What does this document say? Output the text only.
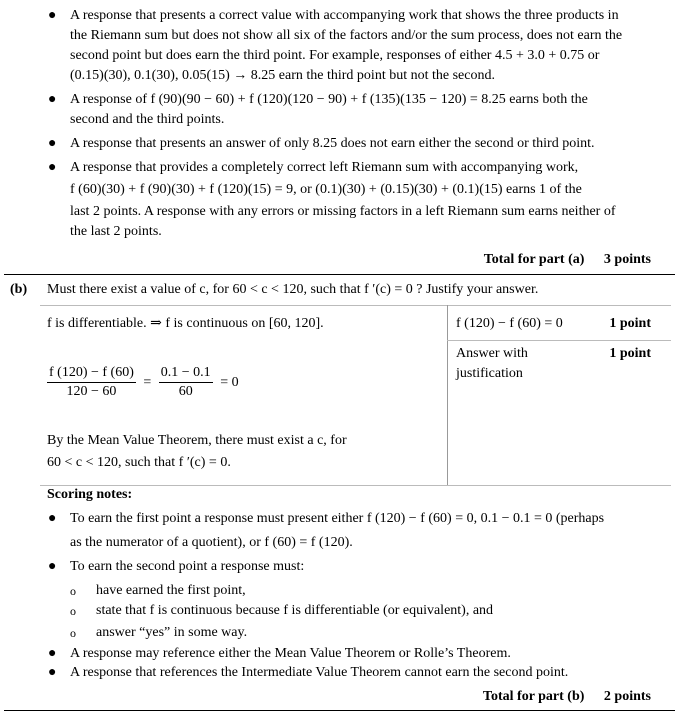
● A response that presents a correct value with accompanying work that shows the three products in
the Riemann sum but does not show all six of the factors and/or the sum process, does not earn the
second point but does earn the third point. For example, responses of either 4.5 + 3.0 + 0.75 or
(0.15)(30), 0.1(30), 0.05(15) → 8.25 earn the third point but not the second.
● A response of f (90)(90 − 60) + f (120)(120 − 90) + f (135)(135 − 120) = 8.25 earns both the
second and the third points.
● A response that presents an answer of only 8.25 does not earn either the second or third point.
● A response that provides a completely correct left Riemann sum with accompanying work,
f (60)(30) + f (90)(30) + f (120)(15) = 9, or (0.1)(30) + (0.15)(30) + (0.1)(15) earns 1 of the
last 2 points. A response with any errors or missing factors in a left Riemann sum earns neither of
the last 2 points.
Total for part (a) 3 points
(b) Must there exist a value of c, for 60 < c < 120, such that f ′(c) = 0 ? Justify your answer.
f is differentiable. ⇒ f is continuous on [60, 120].
$\frac{f (120) - f (60)}{120 - 60} = \frac{0.1 - 0.1}{60} = 0$
By the Mean Value Theorem, there must exist a c, for
60 < c < 120, such that f ′(c) = 0.
f (120) − f (60) = 0	1 point
Answer with
justification
1 point
Scoring notes:
● To earn the first point a response must present either f (120) − f (60) = 0, 0.1 − 0.1 = 0 (perhaps
as the numerator of a quotient), or f (60) = f (120).
● To earn the second point a response must:
o have earned the first point,
o state that f is continuous because f is differentiable (or equivalent), and
o answer “yes” in some way.
● A response may reference either the Mean Value Theorem or Rolle’s Theorem.
● A response that references the Intermediate Value Theorem cannot earn the second point.
Total for part (b) 2 points
